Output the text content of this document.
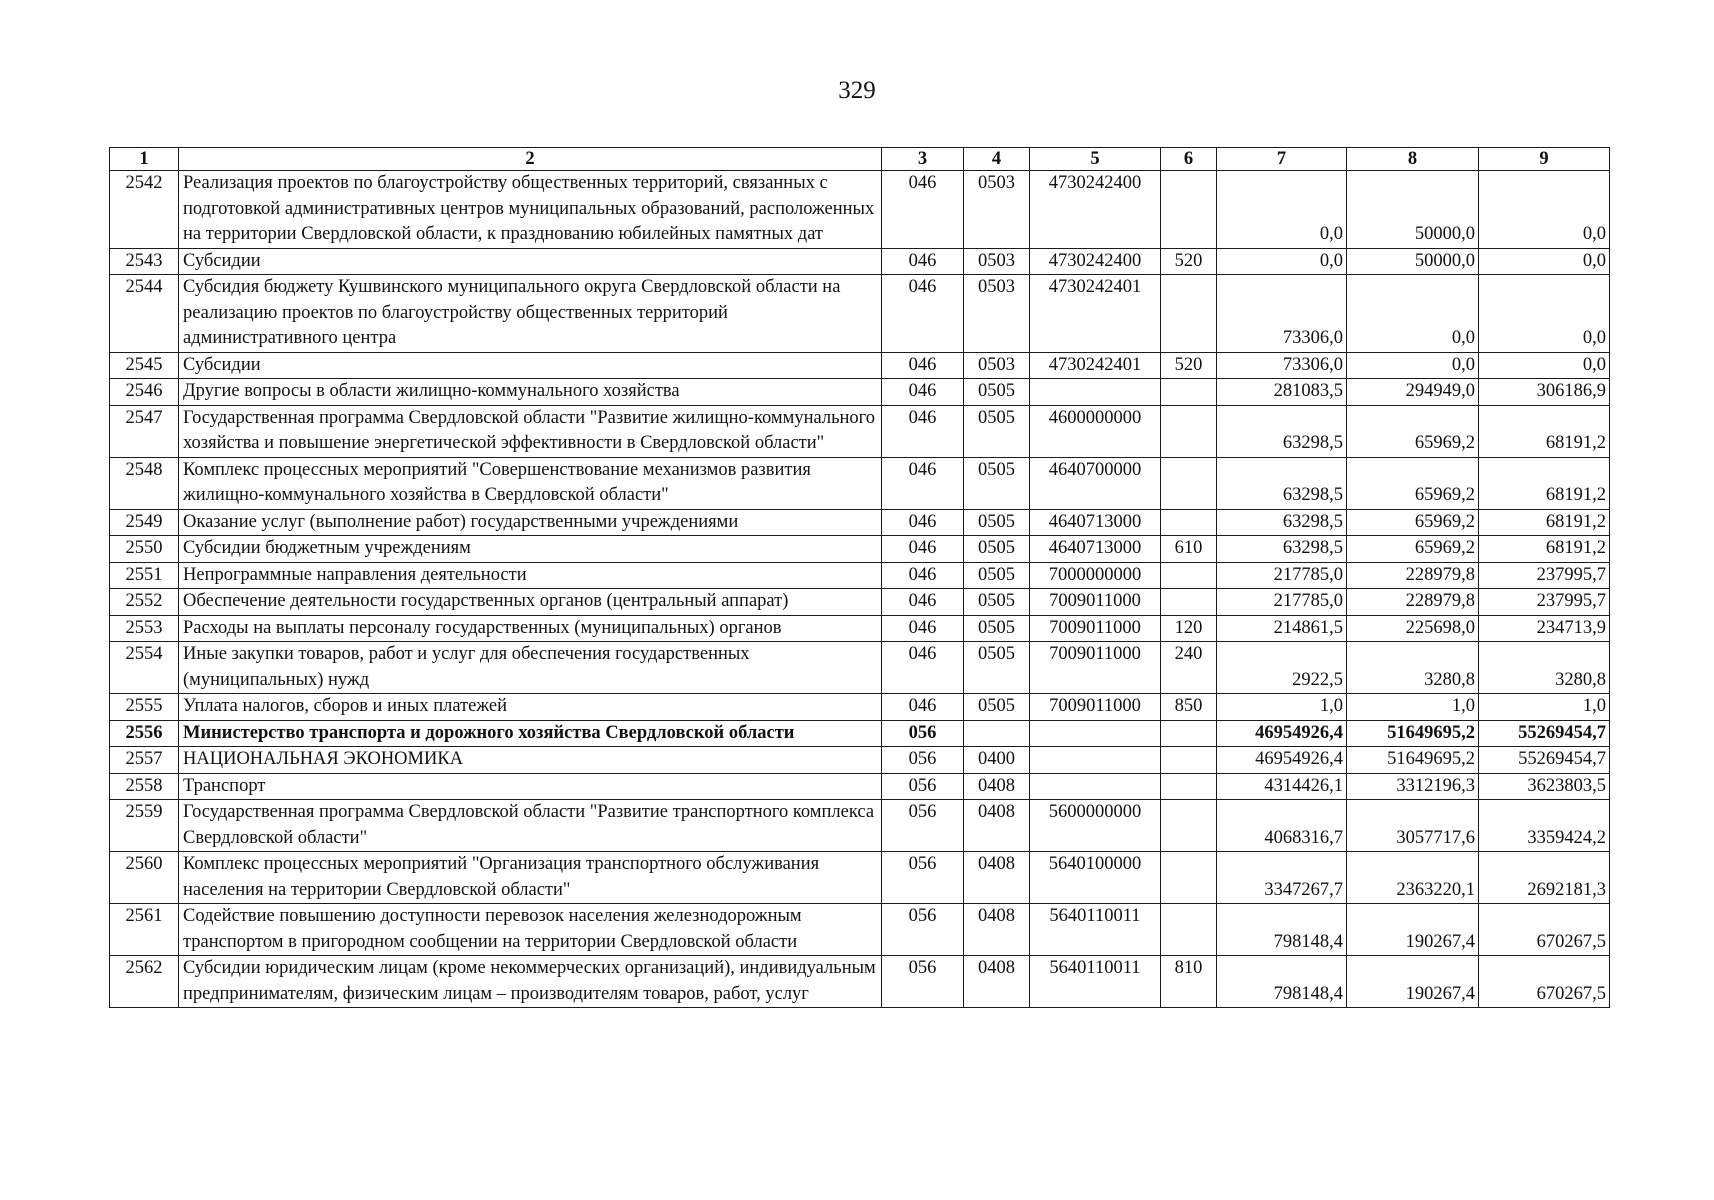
329
1	2	3	4	5	6	7	8	9
2542	Реализация проектов по благоустройству общественных территорий, связанных с подготовкой административных центров муниципальных образований, расположенных на территории Свердловской области, к празднованию юбилейных памятных дат	046	0503	4730242400		0,0	50000,0	0,0
2543	Субсидии	046	0503	4730242400	520	0,0	50000,0	0,0
2544	Субсидия бюджету Кушвинского муниципального округа Свердловской области на реализацию проектов по благоустройству общественных территорий административного центра	046	0503	4730242401		73306,0	0,0	0,0
2545	Субсидии	046	0503	4730242401	520	73306,0	0,0	0,0
2546	Другие вопросы в области жилищно-коммунального хозяйства	046	0505			281083,5	294949,0	306186,9
2547	Государственная программа Свердловской области "Развитие жилищно-коммунального хозяйства и повышение энергетической эффективности в Свердловской области"	046	0505	4600000000		63298,5	65969,2	68191,2
2548	Комплекс процессных мероприятий "Совершенствование механизмов развития жилищно-коммунального хозяйства в Свердловской области"	046	0505	4640700000		63298,5	65969,2	68191,2
2549	Оказание услуг (выполнение работ) государственными учреждениями	046	0505	4640713000		63298,5	65969,2	68191,2
2550	Субсидии бюджетным учреждениям	046	0505	4640713000	610	63298,5	65969,2	68191,2
2551	Непрограммные направления деятельности	046	0505	7000000000		217785,0	228979,8	237995,7
2552	Обеспечение деятельности государственных органов (центральный аппарат)	046	0505	7009011000		217785,0	228979,8	237995,7
2553	Расходы на выплаты персоналу государственных (муниципальных) органов	046	0505	7009011000	120	214861,5	225698,0	234713,9
2554	Иные закупки товаров, работ и услуг для обеспечения государственных (муниципальных) нужд	046	0505	7009011000	240	2922,5	3280,8	3280,8
2555	Уплата налогов, сборов и иных платежей	046	0505	7009011000	850	1,0	1,0	1,0
2556	Министерство транспорта и дорожного хозяйства Свердловской области	056				46954926,4	51649695,2	55269454,7
2557	НАЦИОНАЛЬНАЯ ЭКОНОМИКА	056	0400			46954926,4	51649695,2	55269454,7
2558	Транспорт	056	0408			4314426,1	3312196,3	3623803,5
2559	Государственная программа Свердловской области "Развитие транспортного комплекса Свердловской области"	056	0408	5600000000		4068316,7	3057717,6	3359424,2
2560	Комплекс процессных мероприятий "Организация транспортного обслуживания населения на территории Свердловской области"	056	0408	5640100000		3347267,7	2363220,1	2692181,3
2561	Содействие повышению доступности перевозок населения железнодорожным транспортом в пригородном сообщении на территории Свердловской области	056	0408	5640110011		798148,4	190267,4	670267,5
2562	Субсидии юридическим лицам (кроме некоммерческих организаций), индивидуальным предпринимателям, физическим лицам – производителям товаров, работ, услуг	056	0408	5640110011	810	798148,4	190267,4	670267,5
